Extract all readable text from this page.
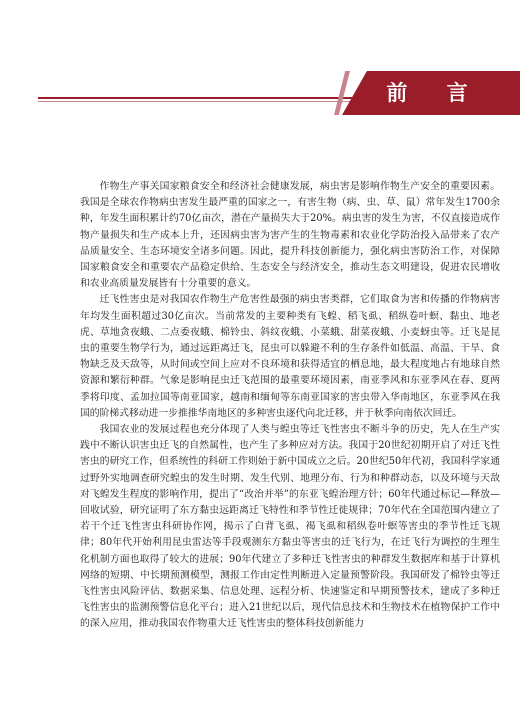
前 言

作物生产事关国家粮食安全和经济社会健康发展，病虫害是影响作物生产安全的重要因素。我国是全球农作物病虫害发生最严重的国家之一，有害生物（病、虫、草、鼠）常年发生1700余种，年发生面积累计约70亿亩次，潜在产量损失大于20%。病虫害的发生为害，不仅直接造成作物产量损失和生产成本上升，还因病虫害为害产生的生物毒素和农业化学防治投入品带来了农产品质量安全、生态环境安全诸多问题。因此，提升科技创新能力，强化病虫害防治工作，对保障国家粮食安全和重要农产品稳定供给、生态安全与经济安全，推动生态文明建设，促进农民增收和农业高质量发展皆有十分重要的意义。

迁飞性害虫是对我国农作物生产危害性最强的病虫害类群，它们取食为害和传播的作物病害年均发生面积超过30亿亩次。当前常发的主要种类有飞蝗、稻飞虱、稻纵卷叶螟、黏虫、地老虎、草地贪夜蛾、二点委夜蛾、棉铃虫、斜纹夜蛾、小菜蛾、甜菜夜蛾、小麦蚜虫等。迁飞是昆虫的重要生物学行为，通过远距离迁飞，昆虫可以躲避不利的生存条件如低温、高温、干旱、食物缺乏及天敌等，从时间或空间上应对不良环境和获得适宜的栖息地，最大程度地占有地球自然资源和繁衍种群。气象是影响昆虫迁飞范围的最重要环境因素，南亚季风和东亚季风在春、夏两季将印度、孟加拉国等南亚国家，越南和缅甸等东南亚国家的害虫带入华南地区，东亚季风在我国的阶梯式移动进一步推推华南地区的多种害虫逐代向北迁移，并于秋季向南依次回迁。

我国农业的发展过程也充分体现了人类与蝗虫等迁飞性害虫不断斗争的历史，先人在生产实践中不断认识害虫迁飞的自然属性，也产生了多种应对方法。我国于20世纪初期开启了对迁飞性害虫的研究工作，但系统性的科研工作则始于新中国成立之后。20世纪50年代初，我国科学家通过野外实地调查研究蝗虫的发生时期、发生代别、地理分布、行为和种群动态，以及环境与天敌对飞蝗发生程度的影响作用，提出了“改治并举”的东亚飞蝗治理方针；60年代通过标记—释放—回收试验，研究证明了东方黏虫远距离迁飞特性和季节性迁徙规律；70年代在全国范围内建立了若干个迁飞性害虫科研协作网，揭示了白背飞虱、褐飞虱和稻纵卷叶螟等害虫的季节性迁飞规律；80年代开始利用昆虫雷达等手段观测东方黏虫等害虫的迁飞行为，在迁飞行为调控的生理生化机制方面也取得了较大的进展；90年代建立了多种迁飞性害虫的种群发生数据库和基于计算机网络的短期、中长期预测模型，测报工作由定性判断进入定量预警阶段。我国研发了棉铃虫等迁飞性害虫风险评估、数据采集、信息处理、远程分析、快速鉴定和早期预警技术，建成了多种迁飞性害虫的监测预警信息化平台；进入21世纪以后，现代信息技术和生物技术在植物保护工作中的深入应用，推动我国农作物重大迁飞性害虫的整体科技创新能力
